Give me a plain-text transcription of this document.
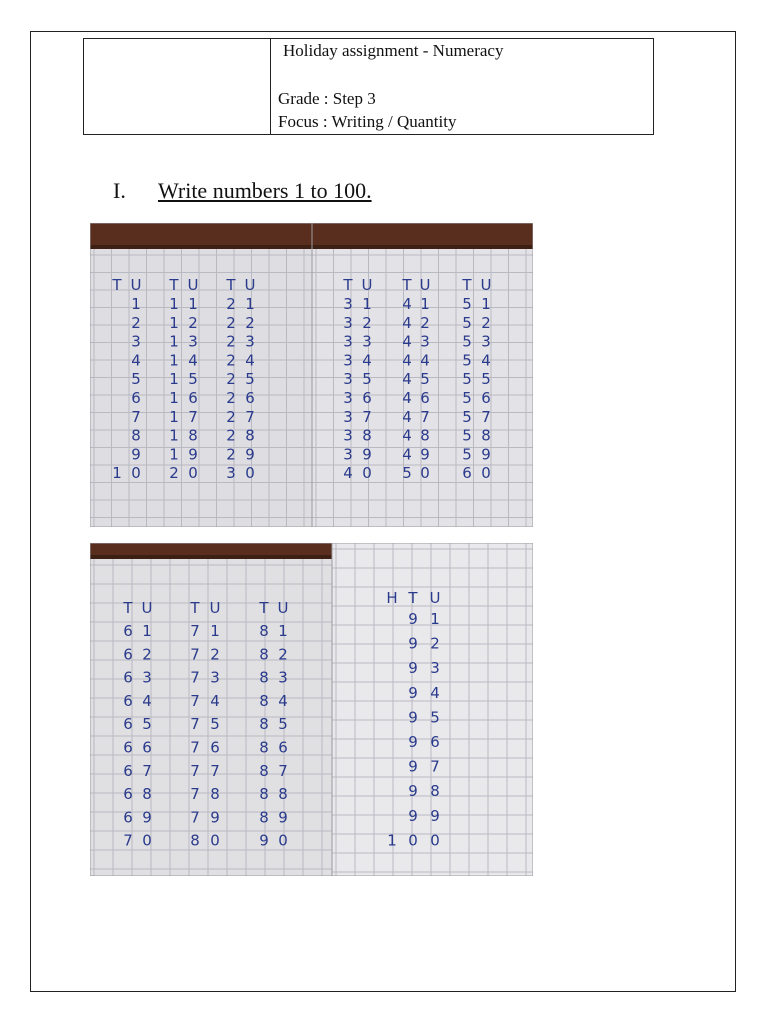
Holiday assignment - Numeracy
Grade : Step 3
Focus : Writing / Quantity
I. Write numbers 1 to 100.
T U
1
2
3
4
5
6
7
8
9
1 0
T U
1 1
1 2
1 3
1 4
1 5
1 6
1 7
1 8
1 9
2 0
T U
2 1
2 2
2 3
2 4
2 5
2 6
2 7
2 8
2 9
3 0
T U
3 1
3 2
3 3
3 4
3 5
3 6
3 7
3 8
3 9
4 0
T U
4 1
4 2
4 3
4 4
4 5
4 6
4 7
4 8
4 9
5 0
T U
5 1
5 2
5 3
5 4
5 5
5 6
5 7
5 8
5 9
6 0
T U
6 1
6 2
6 3
6 4
6 5
6 6
6 7
6 8
6 9
7 0
T U
7 1
7 2
7 3
7 4
7 5
7 6
7 7
7 8
7 9
8 0
T U
8 1
8 2
8 3
8 4
8 5
8 6
8 7
8 8
8 9
9 0
H T U
9 1
9 2
9 3
9 4
9 5
9 6
9 7
9 8
9 9
1 0 0
